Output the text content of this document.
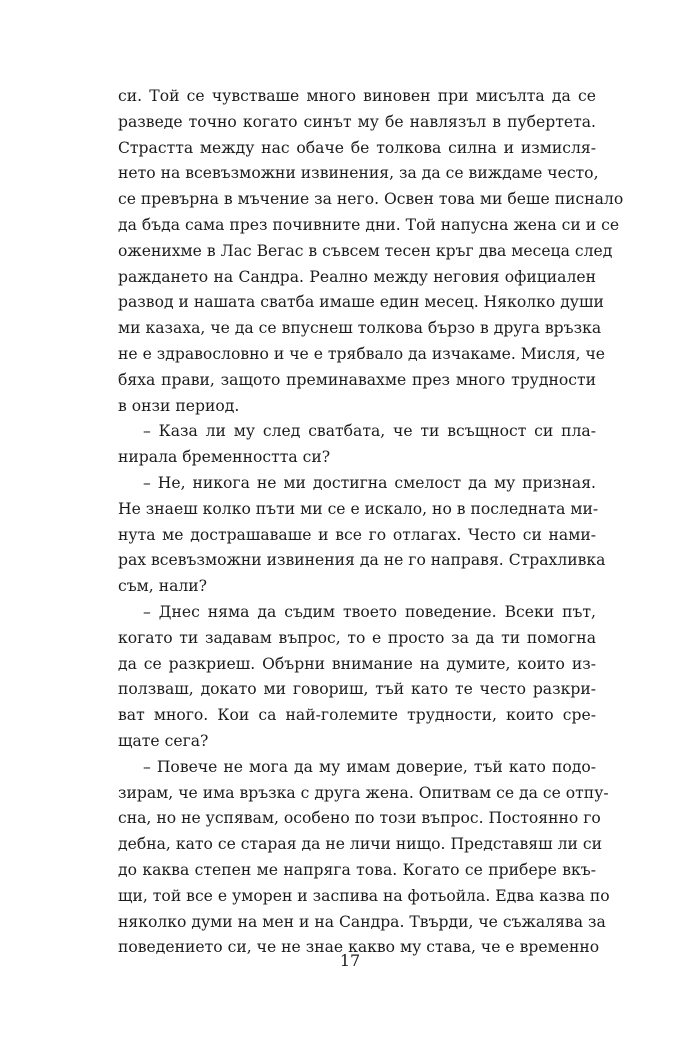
си. Той се чувстваше много виновен при мисълта да се
разведе точно когато синът му бе навлязъл в пубертета.
Страстта между нас обаче бе толкова силна и измисля-
нето на всевъзможни извинения, за да се виждаме често,
се превърна в мъчение за него. Освен това ми беше писнало
да бъда сама през почивните дни. Той напусна жена си и се
оженихме в Лас Вегас в съвсем тесен кръг два месеца след
раждането на Сандра. Реално между неговия официален
развод и нашата сватба имаше един месец. Няколко души
ми казаха, че да се впуснеш толкова бързо в друга връзка
не е здравословно и че е трябвало да изчакаме. Мисля, че
бяха прави, защото преминавахме през много трудности
в онзи период.
– Каза ли му след сватбата, че ти всъщност си пла-
нирала бременността си?
– Не, никога не ми достигна смелост да му призная.
Не знаеш колко пъти ми се е искало, но в последната ми-
нута ме дострашаваше и все го отлагах. Често си нами-
рах всевъзможни извинения да не го направя. Страхливка
съм, нали?
– Днес няма да съдим твоето поведение. Всеки път,
когато ти задавам въпрос, то е просто за да ти помогна
да се разкриеш. Обърни внимание на думите, които из-
ползваш, докато ми говориш, тъй като те често разкри-
ват много. Кои са най-големите трудности, които сре-
щате сега?
– Повече не мога да му имам доверие, тъй като подо-
зирам, че има връзка с друга жена. Опитвам се да се отпу-
сна, но не успявам, особено по този въпрос. Постоянно го
дебна, като се старая да не личи нищо. Представяш ли си
до каква степен ме напряга това. Когато се прибере вкъ-
щи, той все е уморен и заспива на фотьойла. Едва казва по
няколко думи на мен и на Сандра. Твърди, че съжалява за
поведението си, че не знае какво му става, че е временно
17
